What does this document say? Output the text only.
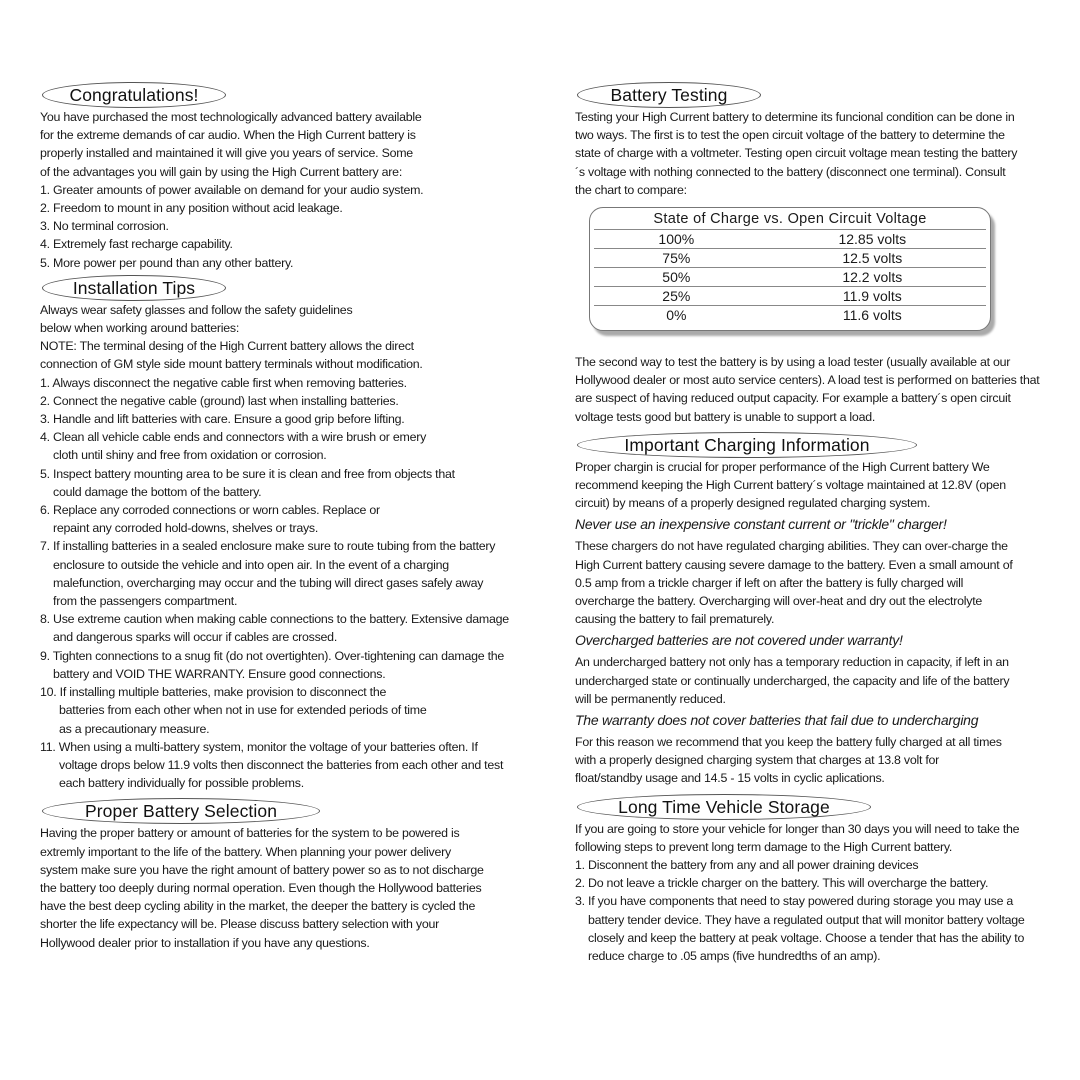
Congratulations!

You have purchased the most technologically advanced battery available

for the extreme demands of car audio. When the High Current battery is

properly installed and maintained it will give you years of service. Some

of the advantages you will gain by using the High Current battery are:

1. Greater amounts of power available on demand for your audio system.
2. Freedom to mount in any position without acid leakage.
3. No terminal corrosion.
4. Extremely fast recharge capability.
5. More power per pound than any other battery.
Installation Tips

Always wear safety glasses and follow the safety guidelines

below when working around batteries:

NOTE: The terminal desing of the High Current battery allows the direct

connection of GM style side mount battery terminals without modification.

1. Always disconnect the negative cable first when removing batteries.
2. Connect the negative cable (ground) last when installing batteries.
3. Handle and lift batteries with care. Ensure a good grip before lifting.
4. Clean all vehicle cable ends and connectors with a wire brush or emery cloth until shiny and free from oxidation or corrosion.
5. Inspect battery mounting area to be sure it is clean and free from objects that could damage the bottom of the battery.
6. Replace any corroded connections or worn cables. Replace or repaint any corroded hold-downs, shelves or trays.
7. If installing batteries in a sealed enclosure make sure to route tubing from the battery enclosure to outside the vehicle and into open air. In the event of a charging malefunction, overcharging may occur and the tubing will direct gases safely away from the passengers compartment.
8. Use extreme caution when making cable connections to the battery. Extensive damage and dangerous sparks will occur if cables are crossed.
9. Tighten connections to a snug fit (do not overtighten). Over-tightening can damage the battery and VOID THE WARRANTY. Ensure good connections.
10. If installing multiple batteries, make provision to disconnect the batteries from each other when not in use for extended periods of time as a precautionary measure.
11. When using a multi-battery system, monitor the voltage of your batteries often. If voltage drops below 11.9 volts then disconnect the batteries from each other and test each battery individually for possible problems.
Proper Battery Selection

Having the proper battery or amount of batteries for the system to be powered is extremly important to the life of the battery. When planning your power delivery system make sure you have the right amount of battery power so as to not discharge the battery too deeply during normal operation. Even though the Hollywood batteries have the best deep cycling ability in the market, the deeper the battery is cycled the shorter the life expectancy will be. Please discuss battery selection with your Hollywood dealer prior to installation if you have any questions.

Battery Testing

Testing your High Current battery to determine its funcional condition can be done in two ways. The first is to test the open circuit voltage of the battery to determine the state of charge with a voltmeter. Testing open circuit voltage mean testing the battery´s voltage with nothing connected to the battery (disconnect one terminal). Consult the chart to compare:

State of Charge vs. Open Circuit Voltage	
100%	12.85 volts
75%	12.5 volts
50%	12.2 volts
25%	11.9 volts
0%	11.6 volts

The second way to test the battery is by using a load tester (usually available at our Hollywood dealer or most auto service centers). A load test is performed on batteries that are suspect of having reduced output capacity. For example a battery´s open circuit voltage tests good but battery is unable to support a load.

Important Charging Information

Proper chargin is crucial for proper performance of the High Current battery We recommend keeping the High Current battery´s voltage maintained at 12.8V (open circuit) by means of a properly designed regulated charging system.

Never use an inexpensive constant current or "trickle" charger!

These chargers do not have regulated charging abilities. They can over-charge the High Current battery causing severe damage to the battery. Even a small amount of 0.5 amp from a trickle charger if left on after the battery is fully charged will overcharge the battery. Overcharging will over-heat and dry out the electrolyte causing the battery to fail prematurely.

Overcharged batteries are not covered under warranty!

An undercharged battery not only has a temporary reduction in capacity, if left in an undercharged state or continually undercharged, the capacity and life of the battery will be permanently reduced.

The warranty does not cover batteries that fail due to undercharging

For this reason we recommend that you keep the battery fully charged at all times with a properly designed charging system that charges at 13.8 volt for float/standby usage and 14.5 - 15 volts in cyclic aplications.

Long Time Vehicle Storage

If you are going to store your vehicle for longer than 30 days you will need to take the following steps to prevent long term damage to the High Current battery.

1. Disconnent the battery from any and all power draining devices
2. Do not leave a trickle charger on the battery. This will overcharge the battery.
3. If you have components that need to stay powered during storage you may use a battery tender device. They have a regulated output that will monitor battery voltage closely and keep the battery at peak voltage. Choose a tender that has the ability to reduce charge to .05 amps (five hundredths of an amp).
